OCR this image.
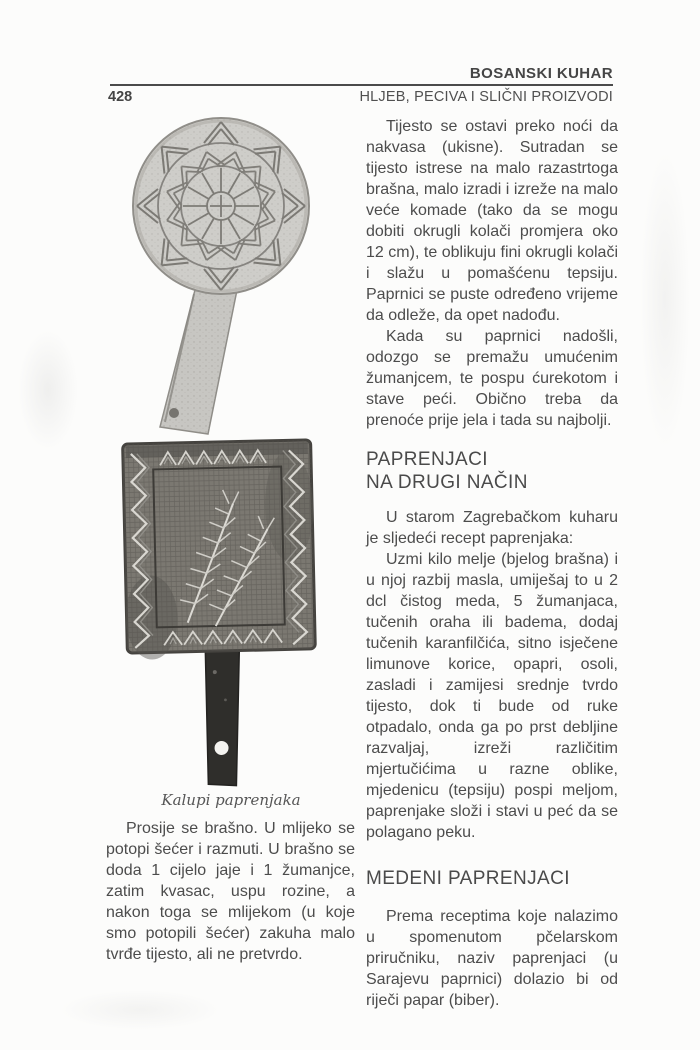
BOSANSKI KUHAR
428	HLJEB, PECIVA I SLIČNI PROIZVODI
Kalupi paprenjaka

Prosije se brašno. U mlijeko se potopi šećer i razmuti. U brašno se doda 1 cijelo jaje i 1 žumanjce, zatim kvasac, uspu rozine, a nakon toga se mlijekom (u koje smo potopili šećer) zakuha malo tvrđe tijesto, ali ne pretvrdo.

Tijesto se ostavi preko noći da nakvasa (ukisne). Sutradan se tijesto istrese na malo razastrtoga brašna, malo izradi i izreže na malo veće komade (tako da se mogu dobiti okrugli kolači promjera oko 12 cm), te oblikuju fini okrugli kolači i slažu u pomašćenu tepsiju. Paprnici se puste određeno vrijeme da odleže, da opet nadođu.

Kada su paprnici nadošli, odozgo se premažu umućenim žumanjcem, te pospu ćurekotom i stave peći. Obično treba da prenoće prije jela i tada su najbolji.

PAPRENJACI
NA DRUGI NAČIN

U starom Zagrebačkom kuharu je sljedeći recept paprenjaka:

Uzmi kilo melje (bjelog brašna) i u njoj razbij masla, umiješaj to u 2 dcl čistog meda, 5 žumanjaca, tučenih oraha ili badema, dodaj tučenih karanfilčića, sitno isječene limunove korice, opapri, osoli, zasladi i zamijesi srednje tvrdo tijesto, dok ti bude od ruke otpadalo, onda ga po prst debljine razvaljaj, izreži različitim mjertučićima u razne oblike, mjedenicu (tepsiju) pospi meljom, paprenjake složi i stavi u peć da se polagano peku.

MEDENI PAPRENJACI

Prema receptima koje nalazimo u spomenutom pčelarskom priručniku, naziv paprenjaci (u Sarajevu paprnici) dolazio bi od riječi papar (biber).
